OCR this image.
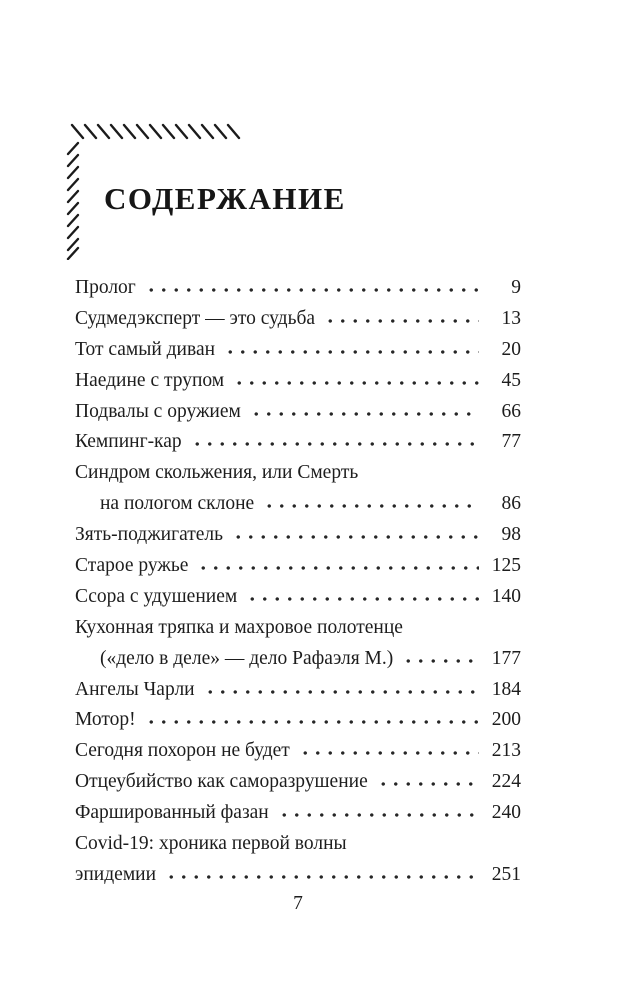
СОДЕРЖАНИЕ
Пролог	9
Судмедэксперт — это судьба	13
Тот самый диван	20
Наедине с трупом	45
Подвалы с оружием	66
Кемпинг-кар	77
Синдром скольжения, или Смерть
на пологом склоне	86
Зять-поджигатель	98
Старое ружье	125
Ссора с удушением	140
Кухонная тряпка и махровое полотенце
(«дело в деле» — дело Рафаэля М.)	177
Ангелы Чарли	184
Мотор!	200
Сегодня похорон не будет	213
Отцеубийство как саморазрушение	224
Фаршированный фазан	240
Covid-19: хроника первой волны
эпидемии	251
7
